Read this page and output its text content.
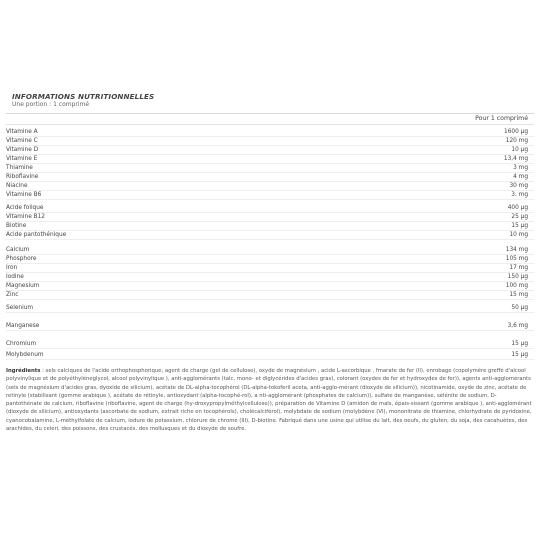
INFORMATIONS NUTRITIONNELLES
Une portion : 1 comprimé
Pour 1 comprimé
Vitamine A	1600 µg
Vitamine C	120 mg
Vitamine D	10 µg
Vitamine E	13,4 mg
Thiamine	3 mg
Riboflavine	4 mg
Niacine	30 mg
Vitamine B6	3. mg
Acide folique	400 µg
Vitamine B12	25 µg
Biotine	15 µg
Acide pantothénique	10 mg
Calcium	134 mg
Phosphore	105 mg
Iron	17 mg
Iodine	150 µg
Magnesium	100 mg
Zinc	15 mg
Selenium	50 µg
Manganese	3,6 mg
Chromium	15 µg
Molybdenum	15 µg
Ingrédients : sels calciques de l'acide orthophosphorique, agent de charge (gel de cellulose), oxyde de magnésium , acide L-ascorbique , fmarate de fer (ll), enrobage (copolymère greffé d'alcool polyvinylique et de polyéthylèneglycol, alcool polyvinylique ), anti-agglomérants (talc, mono- et diglycérides d'acides gras), colorant (oxydes de fer et hydroxydes de fer)), agents anti-agglomérants (sels de magnésium d'acides gras, dyoxide de silicium), acétate de DL-alpha-tocophérol (DL-alpha-tokoferil aceta, anti-agglo-mérant (dioxyde de silicium)), nicotinamide, oxyde de zinc, acétate de retinyle (stabilisant (gomme arabique ), acétate de rétinyle, antioxydant (alpha-tocophé-rol), a nti-agglomérant (phosphates de calcium)), sulfate de manganèse, sélénite de sodium, D-pantothénate de calcium, riboflavine (riboflavine, agent de charge (hy-droxypropylméthylcellulose)), préparation de Vitamine D (amidon de maïs, épais-sissant (gomme arabique ), anti-agglomérant (dioxyde de silicium), antioxydants (ascorbate de sodium, extrait riche en tocophérols), cholécalciférol), molybdate de sodium (molybdène (VI), mononitrate de thiamine, chlorhydrate de pyridoxine, cyanocobalamine, L-méthylfolate de calcium, iodure de potassium, chlorure de chrome (III), D-biotine. Fabriqué dans une usine qui utilise du lait, des oeufs, du gluten, du soja, des cacahuètes, des arachides, du celeri, des poissons, des crustacés, des mollusques et du dioxyde de soufre.
